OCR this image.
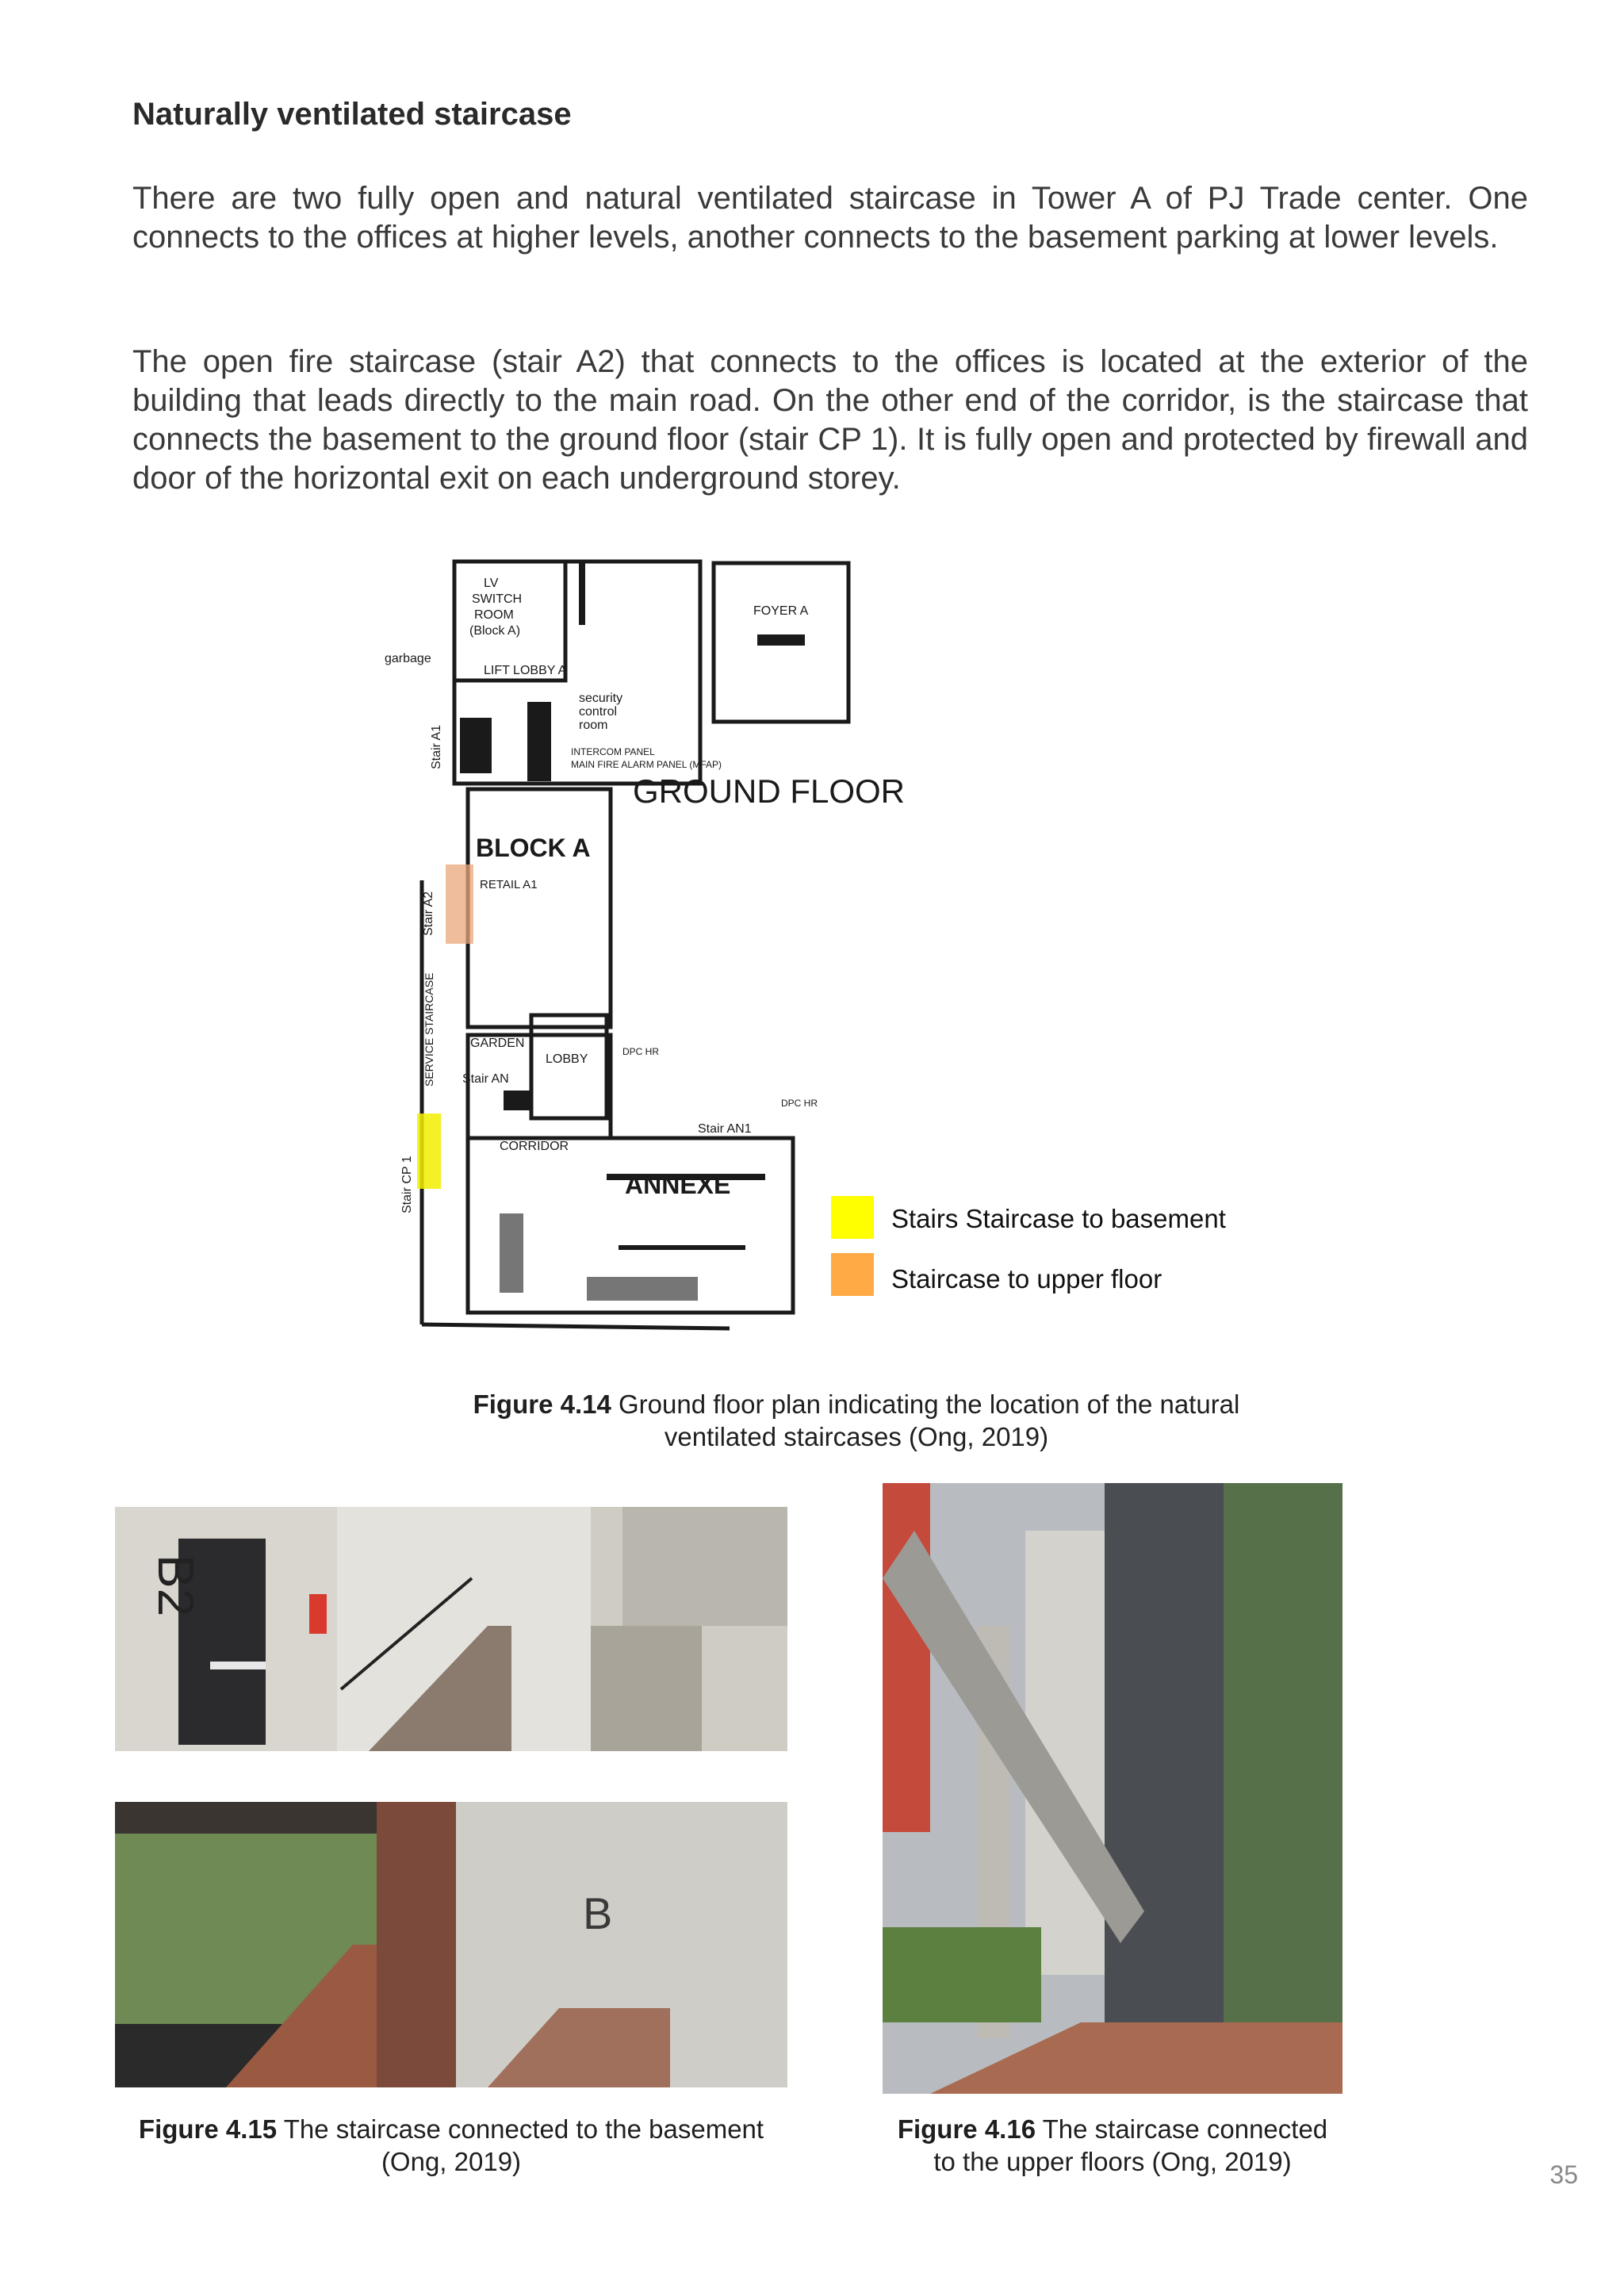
Naturally ventilated staircase
There are two fully open and natural ventilated staircase in Tower A of PJ Trade center. One connects to the offices at higher levels, another connects to the basement parking at lower levels.
The open fire staircase (stair A2) that connects to the offices is located at the exterior of the building that leads directly to the main road. On the other end of the corridor, is the staircase that connects the basement to the ground floor (stair CP 1). It is fully open and protected by firewall and door of the horizontal exit on each underground storey.
LV
SWITCH
ROOM
(Block A)
FOYER A
garbage
LIFT LOBBY A
Stair A1
security
control
room
INTERCOM PANEL
MAIN FIRE ALARM PANEL (MFAP)
GROUND FLOOR
BLOCK A
RETAIL A1
Stair A2
SERVICE STAIRCASE	GARDEN
LOBBY
Stair AN
Stair AN1
CORRIDOR
ANNEXE
Stair CP 1
DPC HR
DPC HR
Stairs Staircase to basement
Staircase to upper floor
Figure 4.14 Ground floor plan indicating the location of the natural
ventilated staircases (Ong, 2019)
B2
B
Figure 4.15 The staircase connected to the basement
(Ong, 2019)
Figure 4.16 The staircase connected
to the upper floors (Ong, 2019)	35
